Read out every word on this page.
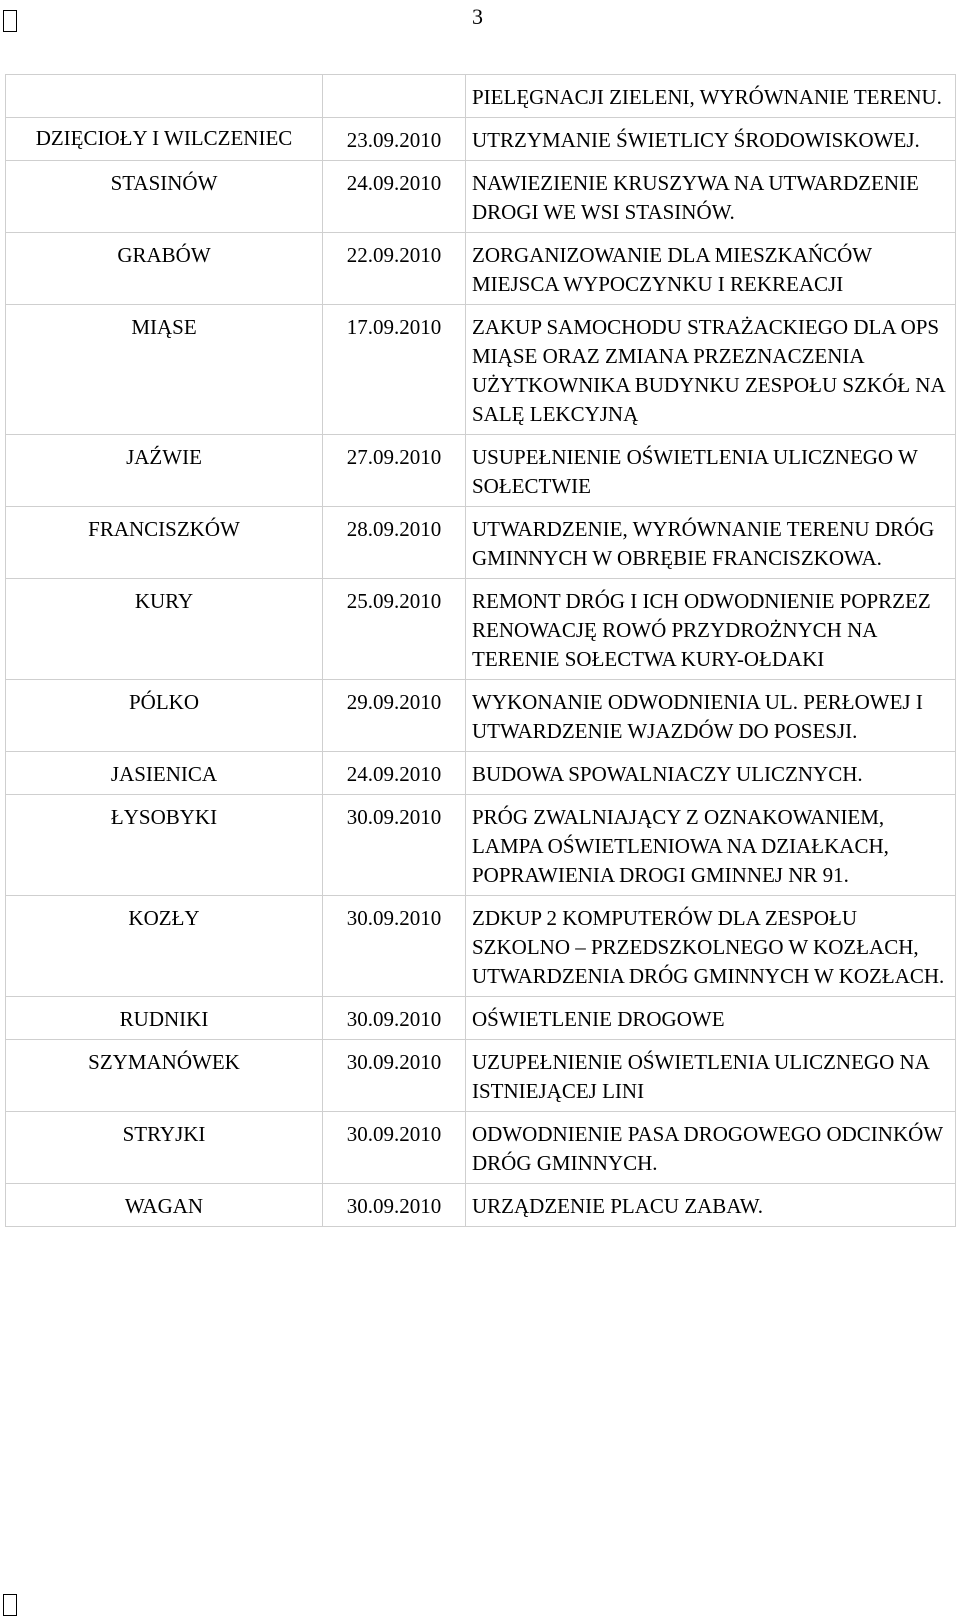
3
		PIELĘGNACJI ZIELENI, WYRÓWNANIE TERENU.

DZIĘCIOŁY I WILCZENIEC	23.09.2010	UTRZYMANIE ŚWIETLICY ŚRODOWISKOWEJ.
STASINÓW	24.09.2010	NAWIEZIENIE KRUSZYWA NA UTWARDZENIE DROGI WE WSI STASINÓW.
GRABÓW	22.09.2010	ZORGANIZOWANIE DLA MIESZKAŃCÓW MIEJSCA WYPOCZYNKU I REKREACJI
MIĄSE	17.09.2010	ZAKUP SAMOCHODU STRAŻACKIEGO DLA OPS MIĄSE ORAZ ZMIANA PRZEZNACZENIA UŻYTKOWNIKA BUDYNKU ZESPOŁU SZKÓŁ NA SALĘ LEKCYJNĄ
JAŹWIE	27.09.2010	USUPEŁNIENIE OŚWIETLENIA ULICZNEGO W SOŁECTWIE
FRANCISZKÓW	28.09.2010	UTWARDZENIE, WYRÓWNANIE TERENU DRÓG GMINNYCH W OBRĘBIE FRANCISZKOWA.
KURY	25.09.2010	REMONT DRÓG I ICH ODWODNIENIE POPRZEZ RENOWACJĘ ROWÓ PRZYDROŻNYCH NA TERENIE SOŁECTWA KURY-OŁDAKI
PÓLKO	29.09.2010	WYKONANIE ODWODNIENIA UL. PERŁOWEJ I UTWARDZENIE WJAZDÓW DO POSESJI.
JASIENICA	24.09.2010	BUDOWA SPOWALNIACZY ULICZNYCH.
ŁYSOBYKI	30.09.2010	PRÓG ZWALNIAJĄCY Z OZNAKOWANIEM, LAMPA OŚWIETLENIOWA NA DZIAŁKACH, POPRAWIENIA DROGI GMINNEJ NR 91.
KOZŁY	30.09.2010	ZDKUP 2 KOMPUTERÓW DLA ZESPOŁU SZKOLNO – PRZEDSZKOLNEGO W KOZŁACH, UTWARDZENIA DRÓG GMINNYCH W KOZŁACH.
RUDNIKI	30.09.2010	OŚWIETLENIE DROGOWE
SZYMANÓWEK	30.09.2010	UZUPEŁNIENIE OŚWIETLENIA ULICZNEGO NA ISTNIEJĄCEJ LINI
STRYJKI	30.09.2010	ODWODNIENIE PASA DROGOWEGO ODCINKÓW DRÓG GMINNYCH.
WAGAN	30.09.2010	URZĄDZENIE PLACU ZABAW.
